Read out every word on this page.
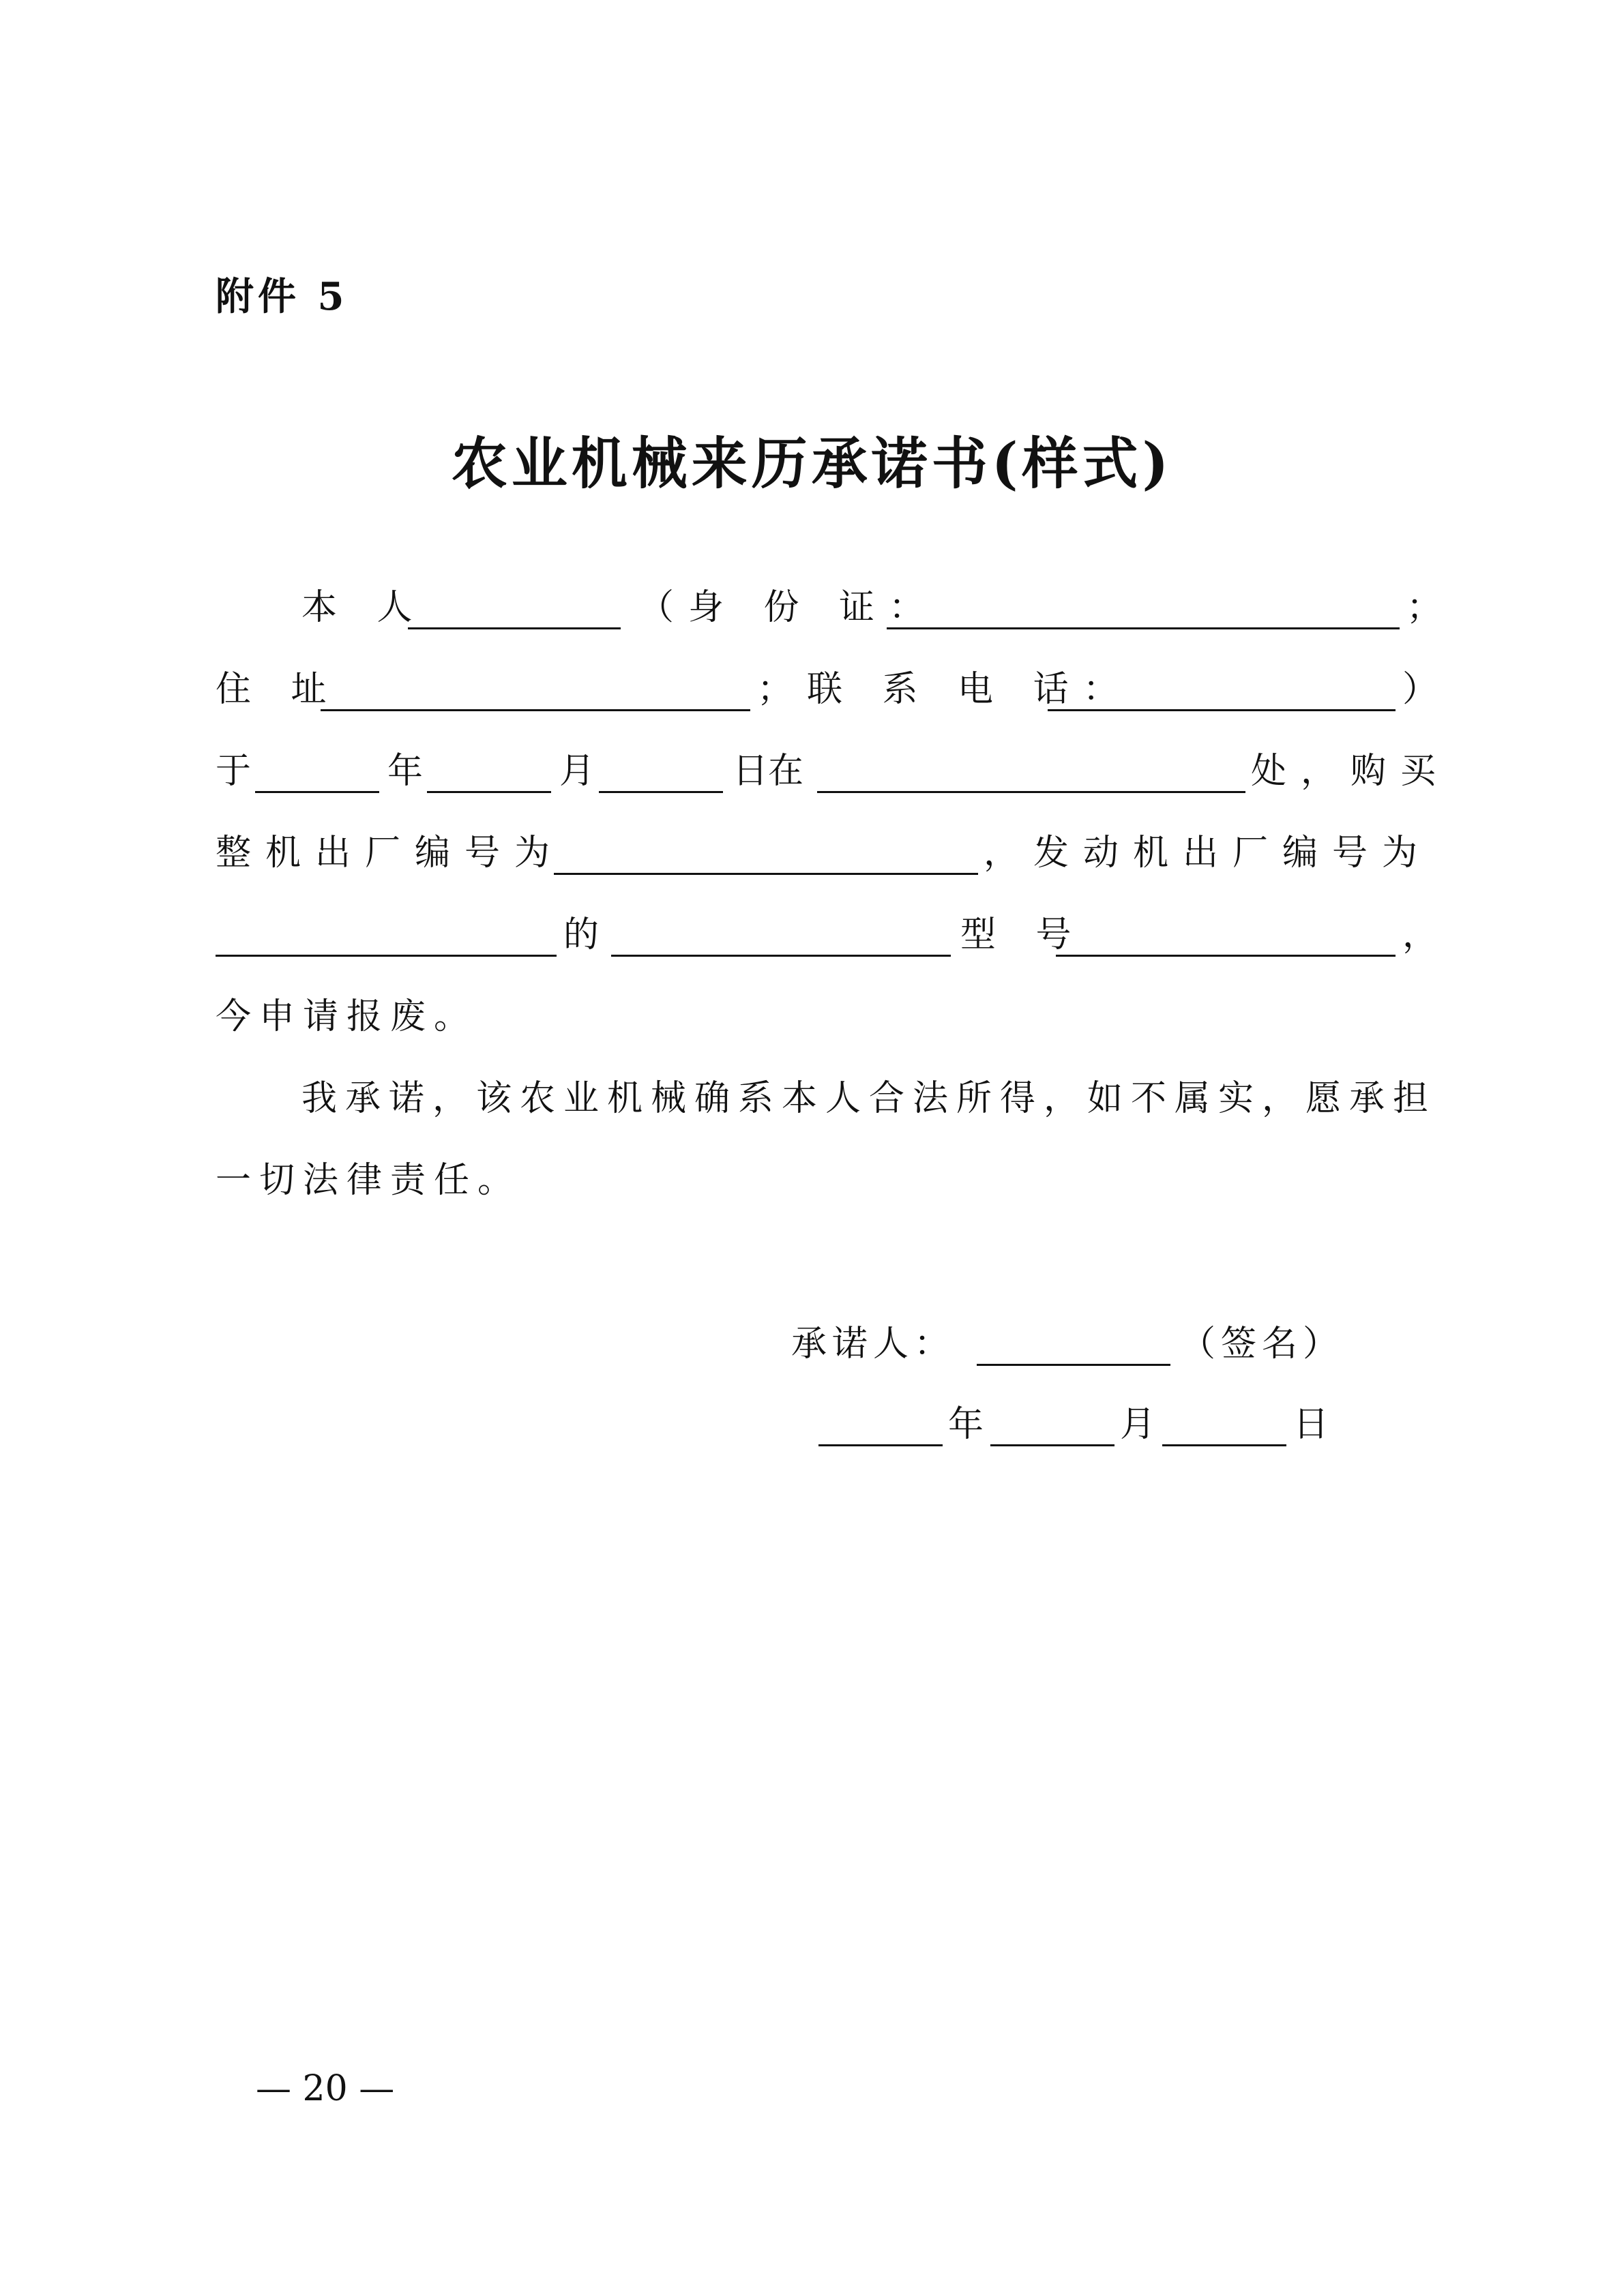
附件 5
农业机械来历承诺书(样式)
本 人	（身 份 证：	；
住 址	；联 系 电 话：	）
于	年	月	日在	处，购买
整机出厂编号为	，发动机出厂编号为
的	型 号	，
今申请报废。
我承诺，该农业机械确系本人合法所得，如不属实，愿承担
一切法律责任。
承诺人：	（签名）
年	月	日
— 20 —
